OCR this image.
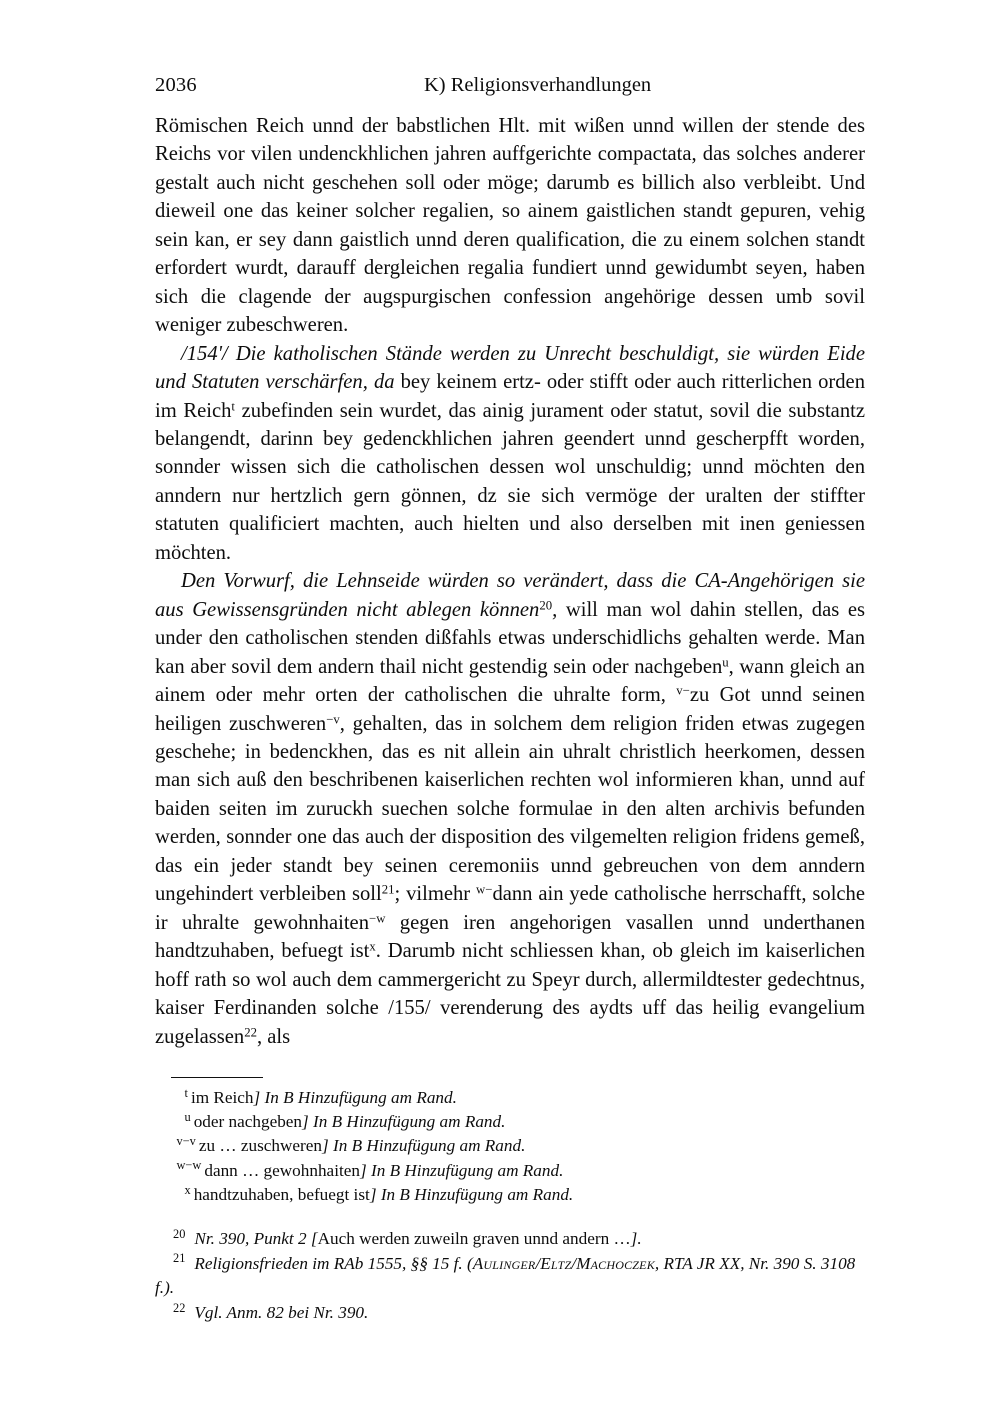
2036	K) Religionsverhandlungen

Römischen Reich unnd der babstlichen Hlt. mit wißen unnd willen der stende des Reichs vor vilen undenckhlichen jahren auffgerichte compactata, das solches anderer gestalt auch nicht geschehen soll oder möge; darumb es billich also verbleibt. Und dieweil one das keiner solcher regalien, so ainem gaistlichen standt gepuren, vehig sein kan, er sey dann gaistlich unnd deren qualification, die zu einem solchen standt erfordert wurdt, darauff dergleichen regalia fundiert unnd gewidumbt seyen, haben sich die clagende der augspurgischen confession angehörige dessen umb sovil weniger zubeschweren.

/154'/ Die katholischen Stände werden zu Unrecht beschuldigt, sie würden Eide und Statuten verschärfen, da bey keinem ertz- oder stifft oder auch ritterlichen orden im Reich$^t$ zubefinden sein wurdet, das ainig jurament oder statut, sovil die substantz belangendt, darinn bey gedenckhlichen jahren geendert unnd gescherpfft worden, sonnder wissen sich die catholischen dessen wol unschuldig; unnd möchten den anndern nur hertzlich gern gönnen, dz sie sich vermöge der uralten der stiffter statuten qualificiert machten, auch hielten und also derselben mit inen geniessen möchten.

Den Vorwurf, die Lehnseide würden so verändert, dass die CA-Angehörigen sie aus Gewissensgründen nicht ablegen können$^{20}$, will man wol dahin stellen, das es under den catholischen stenden dißfahls etwas underschidlichs gehalten werde. Man kan aber sovil dem andern thail nicht gestendig sein oder nachgeben$^u$, wann gleich an ainem oder mehr orten der catholischen die uhralte form, $^{v-}$zu Got unnd seinen heiligen zuschweren$^{-v}$, gehalten, das in solchem dem religion friden etwas zugegen geschehe; in bedenckhen, das es nit allein ain uhralt christlich heerkomen, dessen man sich auß den beschribenen kaiserlichen rechten wol informieren khan, unnd auf baiden seiten im zuruckh suechen solche formulae in den alten archivis befunden werden, sonnder one das auch der disposition des vilgemelten religion fridens gemeß, das ein jeder standt bey seinen ceremoniis unnd gebreuchen von dem anndern ungehindert verbleiben soll$^{21}$; vilmehr $^{w-}$dann ain yede catholische herrschafft, solche ir uhralte gewohnhaiten$^{-w}$ gegen iren angehorigen vasallen unnd underthanen handtzuhaben, befuegt ist$^x$. Darumb nicht schliessen khan, ob gleich im kaiserlichen hoff rath so wol auch dem cammergericht zu Speyr durch, allermildtester gedechtnus, kaiser Ferdinanden solche /155/ verenderung des aydts uff das heilig evangelium zugelassen$^{22}$, als

$^t$ im Reich] In B Hinzufügung am Rand.
$^u$ oder nachgeben] In B Hinzufügung am Rand.
$^{v-v}$ zu … zuschweren] In B Hinzufügung am Rand.
$^{w-w}$ dann … gewohnhaiten] In B Hinzufügung am Rand.
$^x$ handtzuhaben, befuegt ist] In B Hinzufügung am Rand.
$^{20}$ Nr. 390, Punkt 2 [Auch werden zuweiln graven unnd andern …].
$^{21}$ Religionsfrieden im RAb 1555, §§ 15 f. (Aulinger/Eltz/Machoczek, RTA JR XX, Nr. 390 S. 3108 f.).
$^{22}$ Vgl. Anm. 82 bei Nr. 390.
